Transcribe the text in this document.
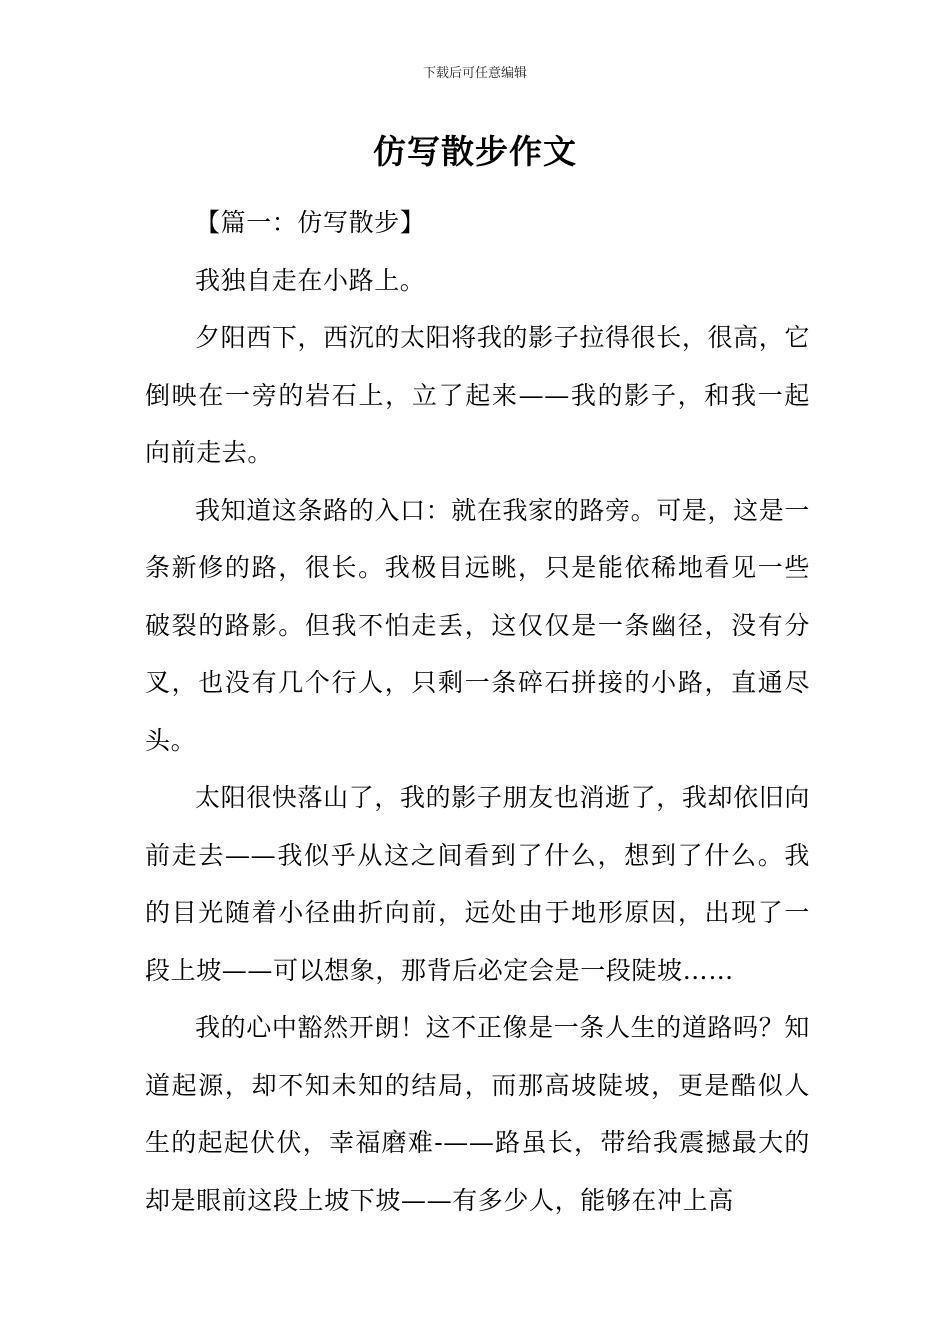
下载后可任意编辑
仿写散步作文

【篇一：仿写散步】

我独自走在小路上。

夕阳西下，西沉的太阳将我的影子拉得很长，很高，它倒映在一旁的岩石上，立了起来——我的影子，和我一起向前走去。

我知道这条路的入口：就在我家的路旁。可是，这是一条新修的路，很长。我极目远眺，只是能依稀地看见一些破裂的路影。但我不怕走丢，这仅仅是一条幽径，没有分叉，也没有几个行人，只剩一条碎石拼接的小路，直通尽头。

太阳很快落山了，我的影子朋友也消逝了，我却依旧向前走去——我似乎从这之间看到了什么，想到了什么。我的目光随着小径曲折向前，远处由于地形原因，出现了一段上坡——可以想象，那背后必定会是一段陡坡……

我的心中豁然开朗！这不正像是一条人生的道路吗？知道起源，却不知未知的结局，而那高坡陡坡，更是酷似人生的起起伏伏，幸福磨难-——路虽长，带给我震撼最大的却是眼前这段上坡下坡——有多少人，能够在冲上高
